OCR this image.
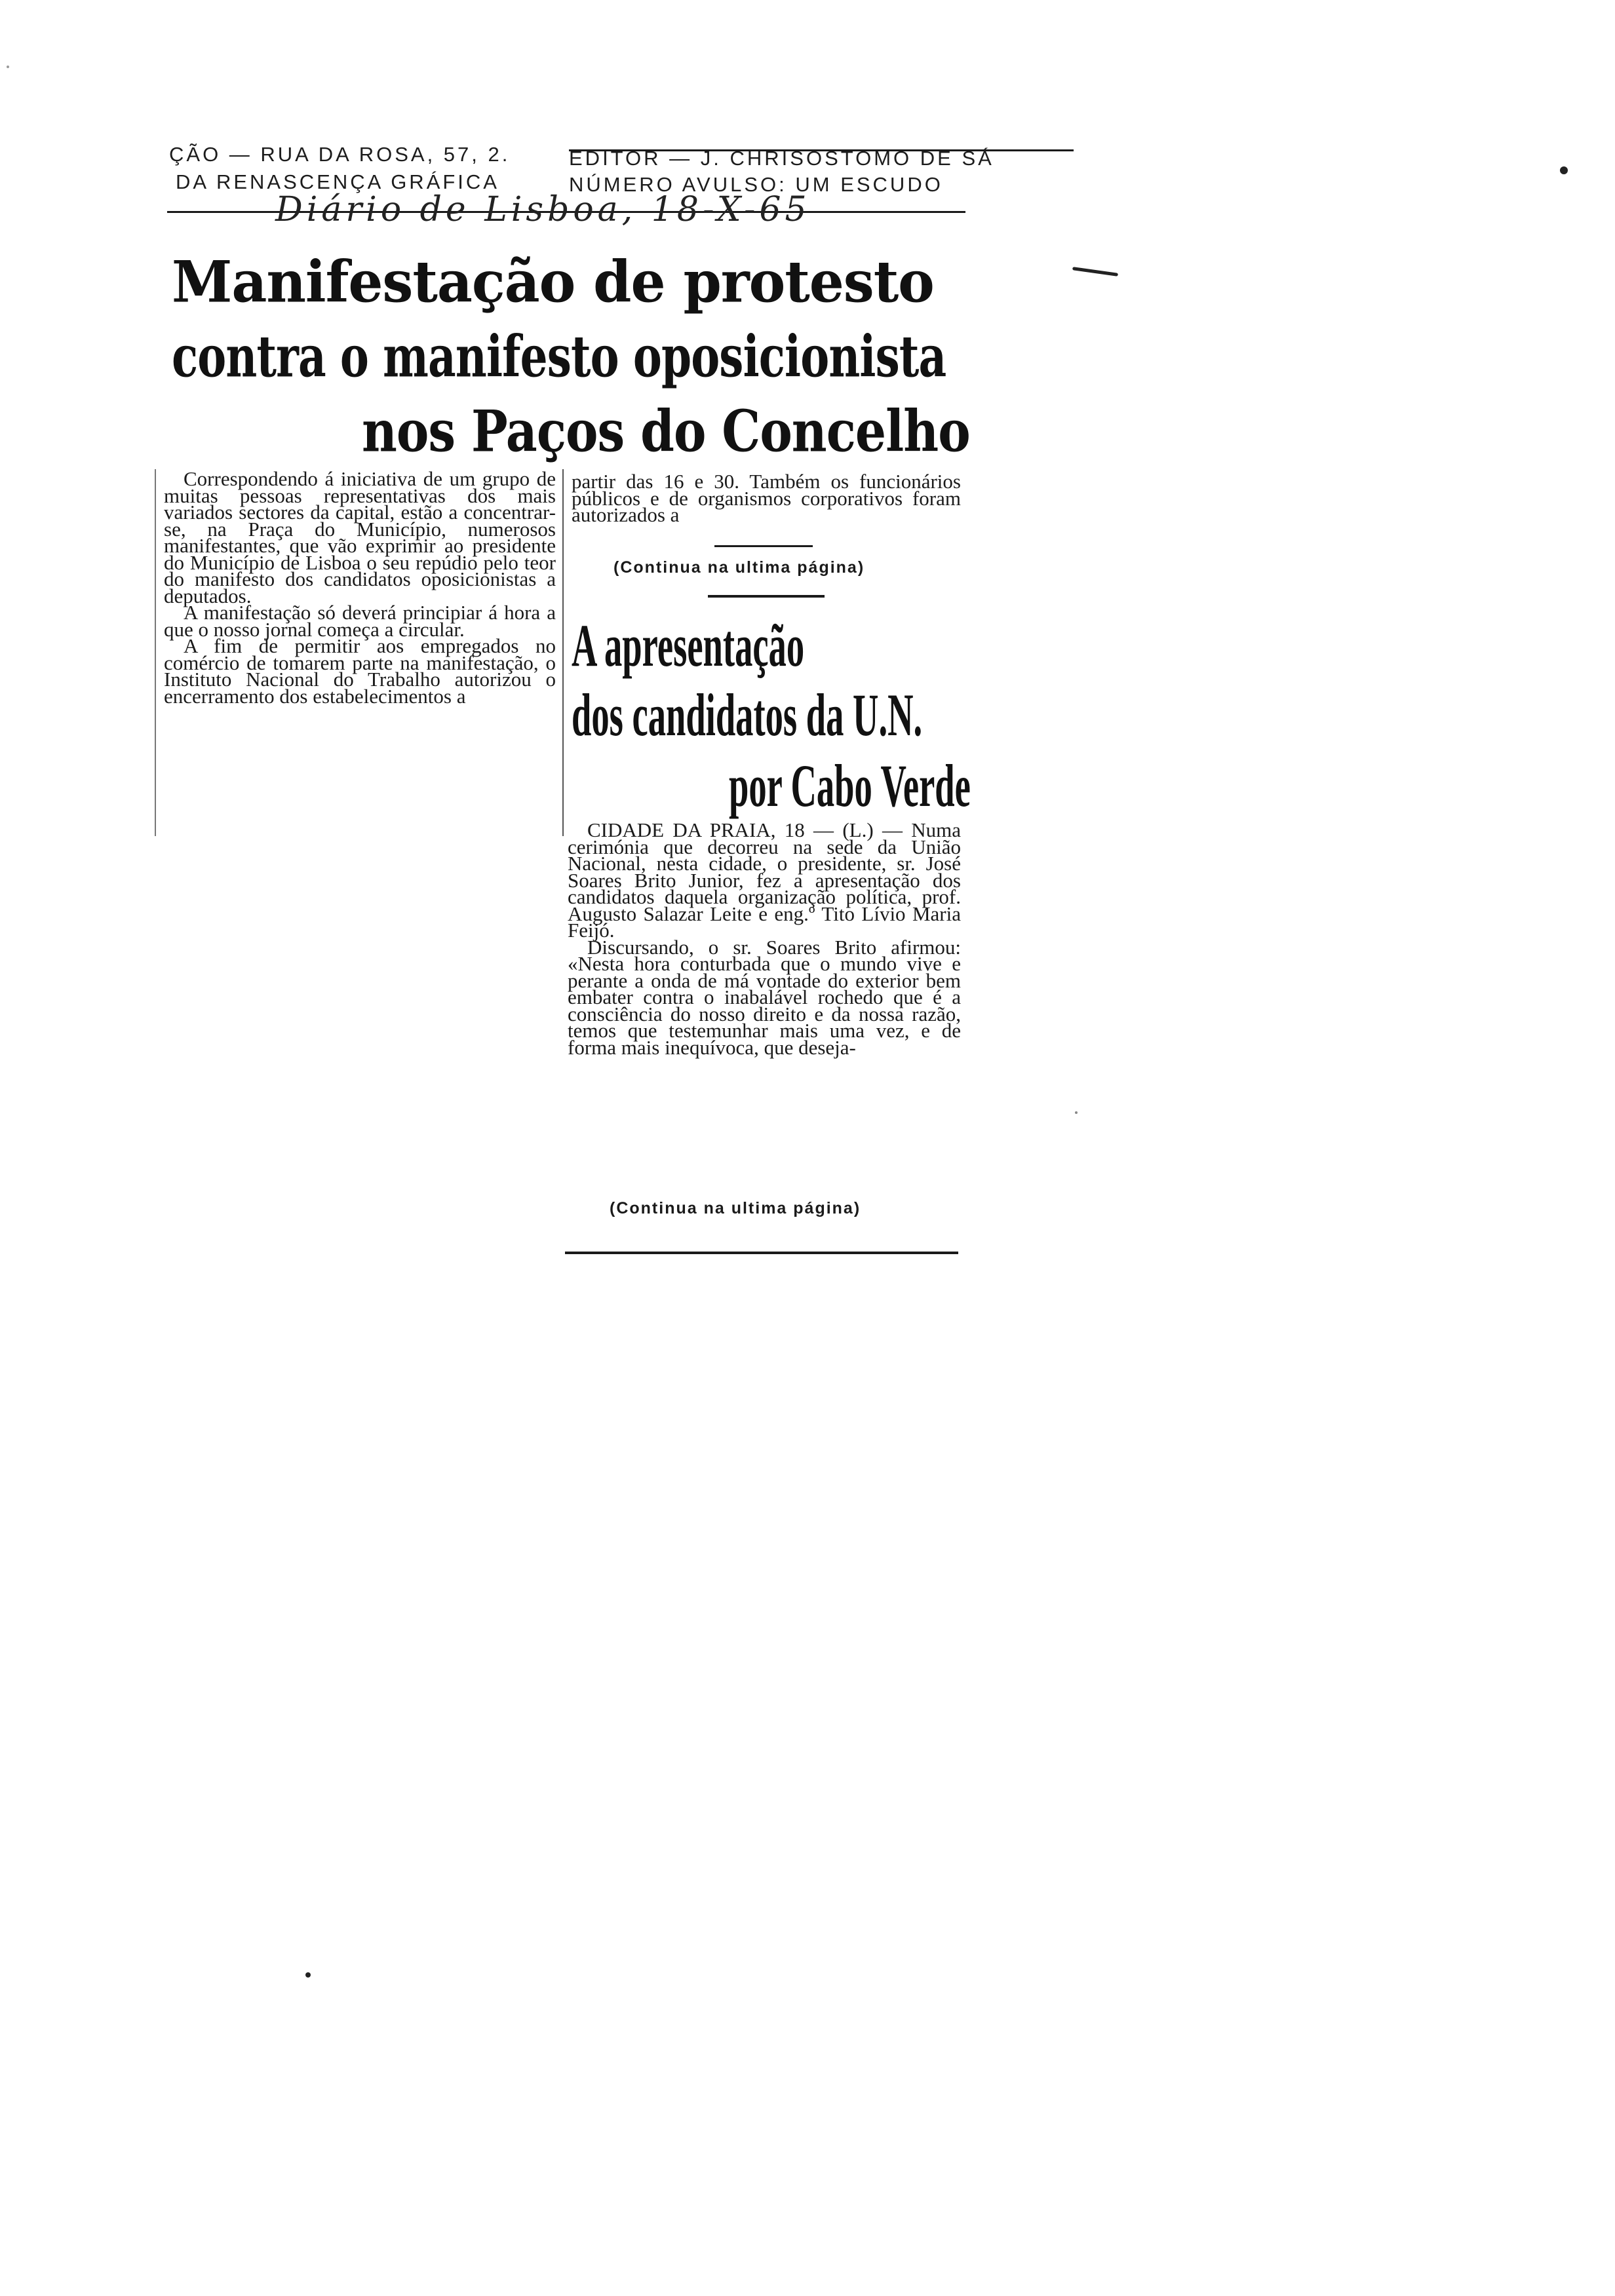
ÇÃO — RUA DA ROSA, 57, 2.
DA RENASCENÇA GRÁFICA
EDITOR — J. CHRISOSTOMO DE SÁ
NÚMERO AVULSO: UM ESCUDO
Diário de Lisboa, 18-X-65
Manifestação de protesto
contra o manifesto oposicionista
nos Paços do Concelho

Correspondendo á iniciativa de um grupo de muitas pessoas representativas dos mais variados sectores da capital, estão a concentrar-se, na Praça do Município, numerosos manifestantes, que vão exprimir ao presidente do Município de Lisboa o seu repúdio pelo teor do manifesto dos candidatos oposicionistas a deputados.

A manifestação só deverá principiar á hora a que o nosso jornal começa a circular.

A fim de permitir aos empregados no comércio de tomarem parte na manifestação, o Instituto Nacional do Trabalho autorizou o encerramento dos estabelecimentos a

partir das 16 e 30. Também os funcionários públicos e de organismos corporativos foram autorizados a

(Continua na ultima página)
A apresentação
dos candidatos da U.N.
por Cabo Verde

CIDADE DA PRAIA, 18 — (L.) — Numa cerimónia que decorreu na sede da União Nacional, nesta cidade, o presidente, sr. José Soares Brito Junior, fez a apresentação dos candidatos daquela organização política, prof. Augusto Salazar Leite e eng.º Tito Lívio Maria Feijó.

Discursando, o sr. Soares Brito afirmou: «Nesta hora conturbada que o mundo vive e perante a onda de má vontade do exterior bem embater contra o inabalável rochedo que é a consciência do nosso direito e da nossa razão, temos que testemunhar mais uma vez, e de forma mais inequívoca, que deseja-

(Continua na ultima página)
